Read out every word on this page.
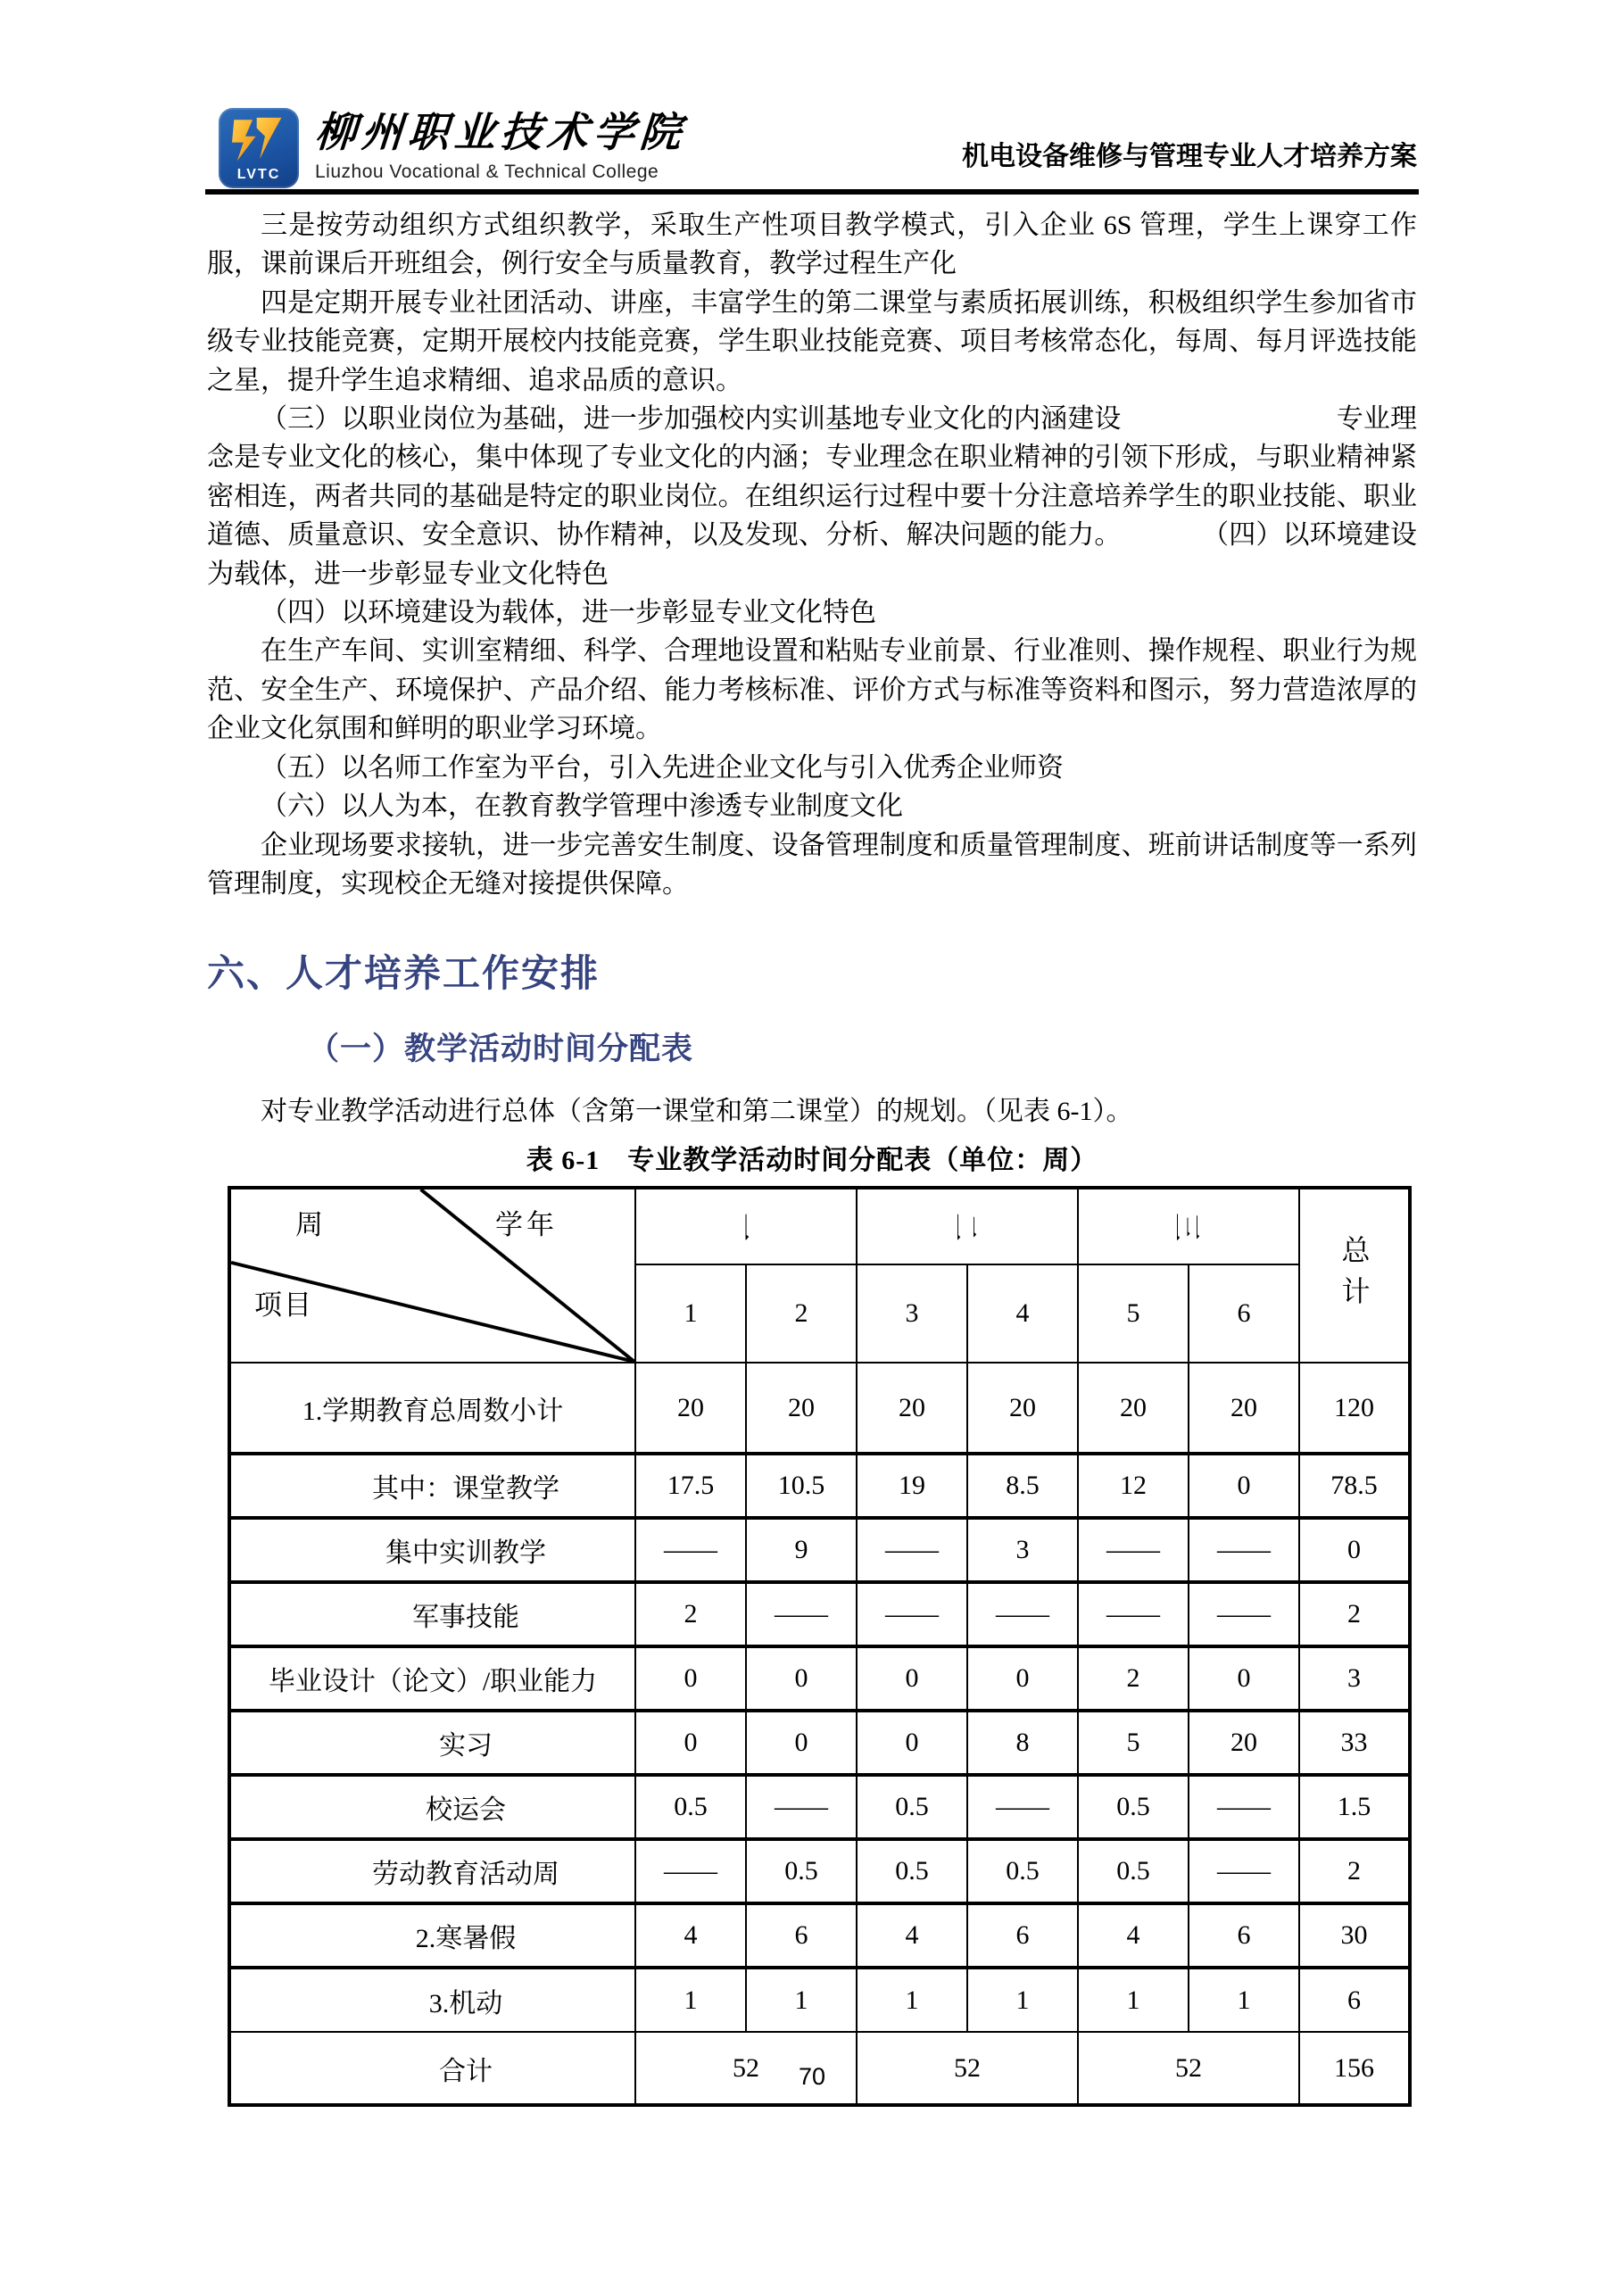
LVTC
柳州职业技术学院
Liuzhou Vocational & Technical College
机电设备维修与管理专业人才培养方案

三是按劳动组织方式组织教学，采取生产性项目教学模式，引入企业 6S 管理，学生上课穿工作服，课前课后开班组会，例行安全与质量教育，教学过程生产化

四是定期开展专业社团活动、讲座，丰富学生的第二课堂与素质拓展训练，积极组织学生参加省市级专业技能竞赛，定期开展校内技能竞赛，学生职业技能竞赛、项目考核常态化，每周、每月评选技能之星，提升学生追求精细、追求品质的意识。

（三）以职业岗位为基础，进一步加强校内实训基地专业文化的内涵建设　　　　　　　　专业理念是专业文化的核心，集中体现了专业文化的内涵；专业理念在职业精神的引领下形成，与职业精神紧密相连，两者共同的基础是特定的职业岗位。在组织运行过程中要十分注意培养学生的职业技能、职业道德、质量意识、安全意识、协作精神，以及发现、分析、解决问题的能力。　　　　（四）以环境建设为载体，进一步彰显专业文化特色

（四）以环境建设为载体，进一步彰显专业文化特色

在生产车间、实训室精细、科学、合理地设置和粘贴专业前景、行业准则、操作规程、职业行为规范、安全生产、环境保护、产品介绍、能力考核标准、评价方式与标准等资料和图示，努力营造浓厚的企业文化氛围和鲜明的职业学习环境。

（五）以名师工作室为平台，引入先进企业文化与引入优秀企业师资

（六）以人为本，在教育教学管理中渗透专业制度文化

企业现场要求接轨，进一步完善安生制度、设备管理制度和质量管理制度、班前讲话制度等一系列管理制度，实现校企无缝对接提供保障。

六、人才培养工作安排
（一）教学活动时间分配表
对专业教学活动进行总体（含第一课堂和第二课堂）的规划。（见表 6-1）。
表 6-1　专业教学活动时间分配表（单位：周）
周 学年
项目	一		二		三		总计

	1	2	3	4	5	6	
1.学期教育总周数小计	20	20	20	20	20	20	120
其中：课堂教学	17.5	10.5	19	8.5	12	0	78.5
集中实训教学	——	9	——	3	——	——	0
军事技能	2	——	——	——	——	——	2
毕业设计（论文）/职业能力	0	0	0	0	2	0	3
实习	0	0	0	8	5	20	33
校运会	0.5	——	0.5	——	0.5	——	1.5
劳动教育活动周	——	0.5	0.5	0.5	0.5	——	2
2.寒暑假	4	6	4	6	4	6	30
3.机动	1	1	1	1	1	1	6
合计	52		52		52		156
70
